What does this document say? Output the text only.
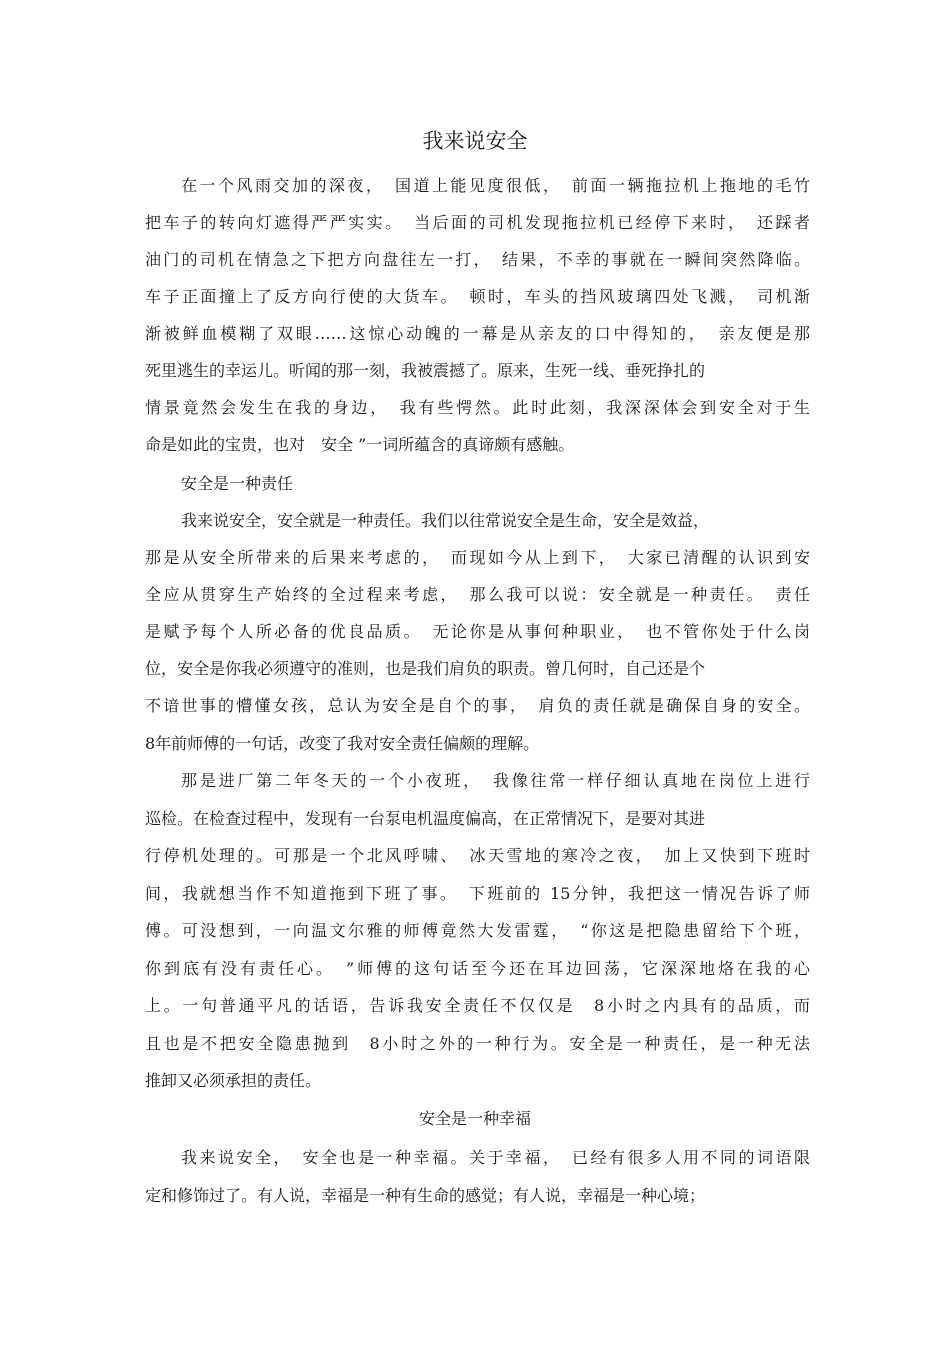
我来说安全
在一个风雨交加的深夜，　国道上能见度很低，　前面一辆拖拉机上拖地的毛竹
把车子的转向灯遮得严严实实。　当后面的司机发现拖拉机已经停下来时，　还踩者
油门的司机在情急之下把方向盘往左一打，　结果，不幸的事就在一瞬间突然降临。
车子正面撞上了反方向行使的大货车。　顿时，车头的挡风玻璃四处飞溅，　司机渐
渐被鲜血模糊了双眼……这惊心动魄的一幕是从亲友的口中得知的，　亲友便是那
死里逃生的幸运儿。听闻的那一刻，我被震撼了。原来，生死一线、垂死挣扎的
情景竟然会发生在我的身边，　我有些愕然。此时此刻，我深深体会到安全对于生
命是如此的宝贵，也对　安全 ”一词所蕴含的真谛颇有感触。
安全是一种责任
我来说安全，安全就是一种责任。我们以往常说安全是生命，安全是效益，
那是从安全所带来的后果来考虑的，　而现如今从上到下，　大家已清醒的认识到安
全应从贯穿生产始终的全过程来考虑，　那么我可以说：安全就是一种责任。　责任
是赋予每个人所必备的优良品质。　无论你是从事何种职业，　也不管你处于什么岗
位，安全是你我必须遵守的准则，也是我们肩负的职责。曾几何时，自己还是个
不谙世事的懵懂女孩，总认为安全是自个的事，　肩负的责任就是确保自身的安全。
8年前师傅的一句话，改变了我对安全责任偏颇的理解。
那是进厂第二年冬天的一个小夜班，　我像往常一样仔细认真地在岗位上进行
巡检。在检查过程中，发现有一台泵电机温度偏高，在正常情况下，是要对其进
行停机处理的。可那是一个北风呼啸、　冰天雪地的寒冷之夜，　加上又快到下班时
间，我就想当作不知道拖到下班了事。　下班前的 15分钟，我把这一情况告诉了师
傅。可没想到，一向温文尔雅的师傅竟然大发雷霆，　“你这是把隐患留给下个班，
你到底有没有责任心。　”师傅的这句话至今还在耳边回荡，它深深地烙在我的心
上。一句普通平凡的话语，告诉我安全责任不仅仅是　8小时之内具有的品质，而
且也是不把安全隐患抛到　8小时之外的一种行为。安全是一种责任，是一种无法
推卸又必须承担的责任。
安全是一种幸福
我来说安全，　安全也是一种幸福。关于幸福，　已经有很多人用不同的词语限
定和修饰过了。有人说，幸福是一种有生命的感觉；有人说，幸福是一种心境；
